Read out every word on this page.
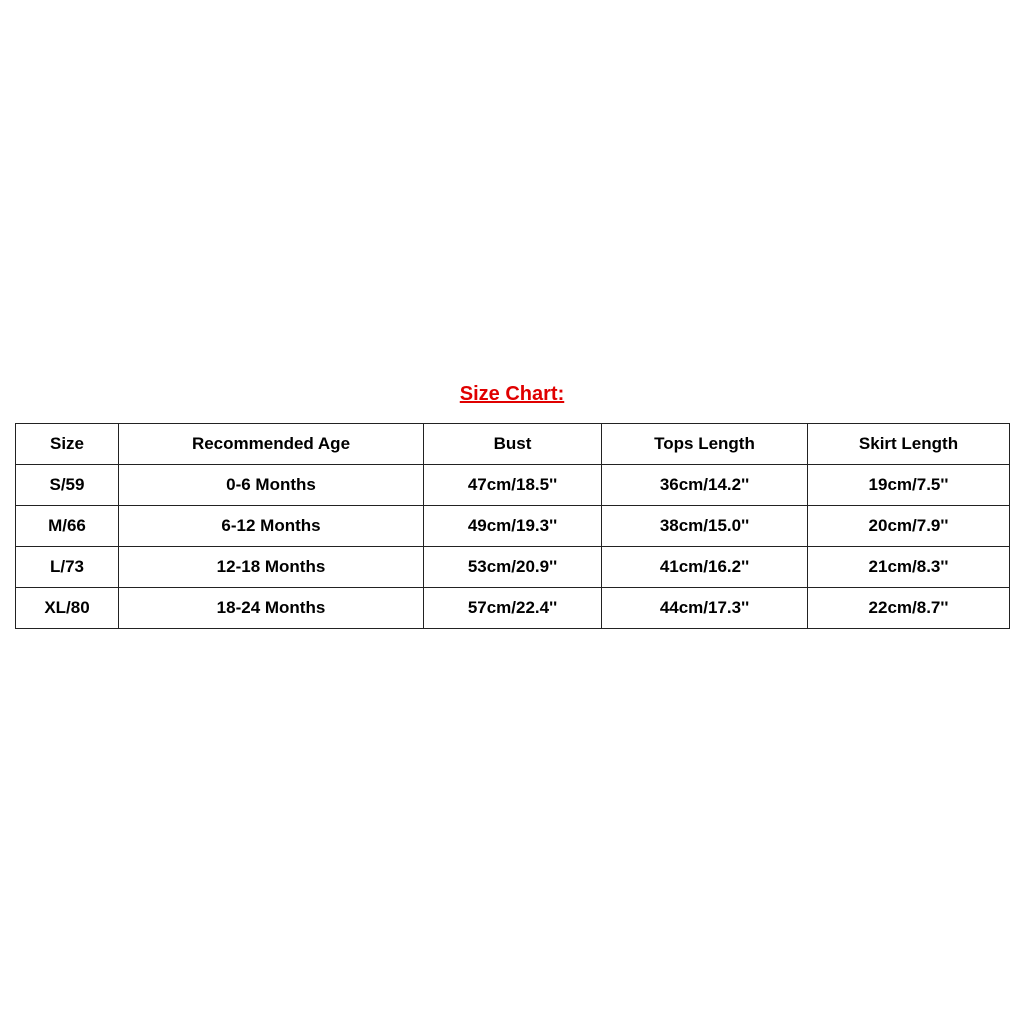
Size Chart:
Size	Recommended Age	Bust	Tops Length	Skirt Length
S/59	0-6 Months	47cm/18.5''	36cm/14.2''	19cm/7.5''
M/66	6-12 Months	49cm/19.3''	38cm/15.0''	20cm/7.9''
L/73	12-18 Months	53cm/20.9''	41cm/16.2''	21cm/8.3''
XL/80	18-24 Months	57cm/22.4''	44cm/17.3''	22cm/8.7''
